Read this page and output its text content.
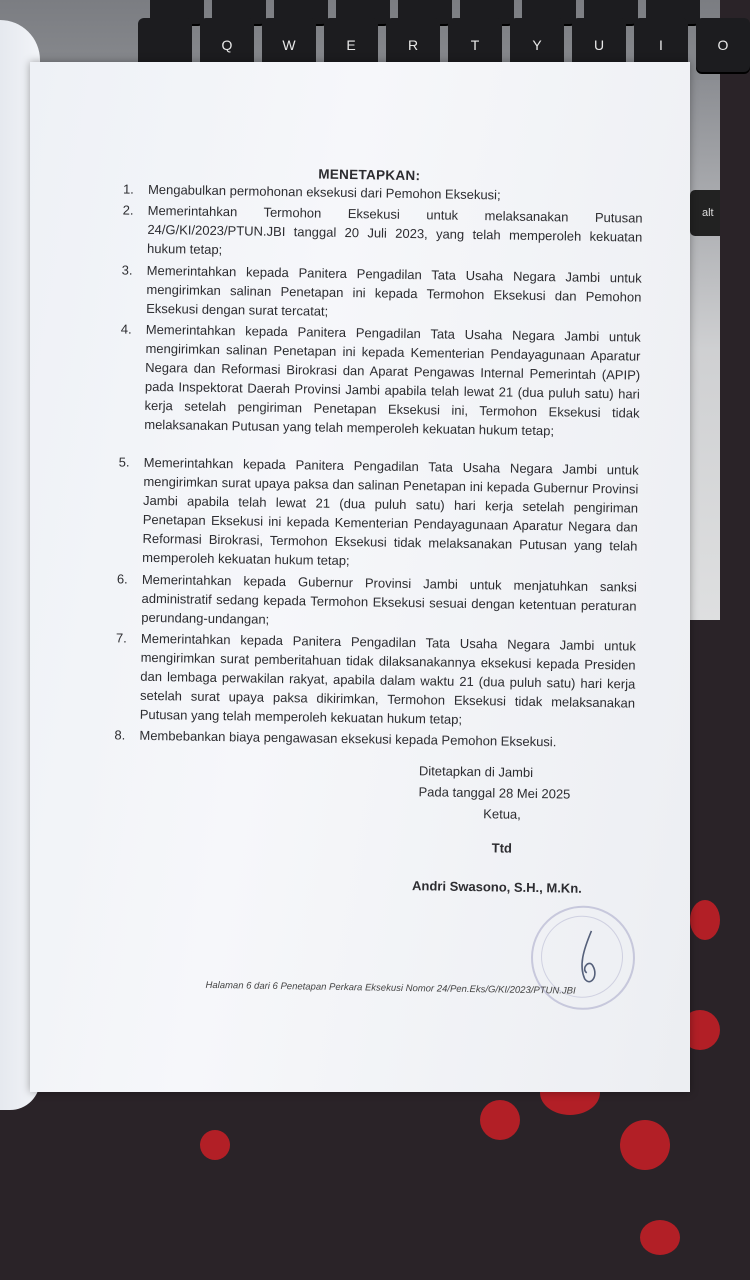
Q	W	E	R	T	Y	U	I	O
alt
MENETAPKAN:
1. Mengabulkan permohonan eksekusi dari Pemohon Eksekusi;
2. Memerintahkan Termohon Eksekusi untuk melaksanakan Putusan 24/G/KI/2023/PTUN.JBI tanggal 20 Juli 2023, yang telah memperoleh kekuatan hukum tetap;
3. Memerintahkan kepada Panitera Pengadilan Tata Usaha Negara Jambi untuk mengirimkan salinan Penetapan ini kepada Termohon Eksekusi dan Pemohon Eksekusi dengan surat tercatat;
4. Memerintahkan kepada Panitera Pengadilan Tata Usaha Negara Jambi untuk mengirimkan salinan Penetapan ini kepada Kementerian Pendayagunaan Aparatur Negara dan Reformasi Birokrasi dan Aparat Pengawas Internal Pemerintah (APIP) pada Inspektorat Daerah Provinsi Jambi apabila telah lewat 21 (dua puluh satu) hari kerja setelah pengiriman Penetapan Eksekusi ini, Termohon Eksekusi tidak melaksanakan Putusan yang telah memperoleh kekuatan hukum tetap;
5. Memerintahkan kepada Panitera Pengadilan Tata Usaha Negara Jambi untuk mengirimkan surat upaya paksa dan salinan Penetapan ini kepada Gubernur Provinsi Jambi apabila telah lewat 21 (dua puluh satu) hari kerja setelah pengiriman Penetapan Eksekusi ini kepada Kementerian Pendayagunaan Aparatur Negara dan Reformasi Birokrasi, Termohon Eksekusi tidak melaksanakan Putusan yang telah memperoleh kekuatan hukum tetap;
6. Memerintahkan kepada Gubernur Provinsi Jambi untuk menjatuhkan sanksi administratif sedang kepada Termohon Eksekusi sesuai dengan ketentuan peraturan perundang-undangan;
7. Memerintahkan kepada Panitera Pengadilan Tata Usaha Negara Jambi untuk mengirimkan surat pemberitahuan tidak dilaksanakannya eksekusi kepada Presiden dan lembaga perwakilan rakyat, apabila dalam waktu 21 (dua puluh satu) hari kerja setelah surat upaya paksa dikirimkan, Termohon Eksekusi tidak melaksanakan Putusan yang telah memperoleh kekuatan hukum tetap;
8. Membebankan biaya pengawasan eksekusi kepada Pemohon Eksekusi.
Ditetapkan di Jambi
Pada tanggal 28 Mei 2025
Ketua,
Ttd
Andri Swasono, S.H., M.Kn.
Halaman 6 dari 6 Penetapan Perkara Eksekusi Nomor 24/Pen.Eks/G/KI/2023/PTUN.JBI
